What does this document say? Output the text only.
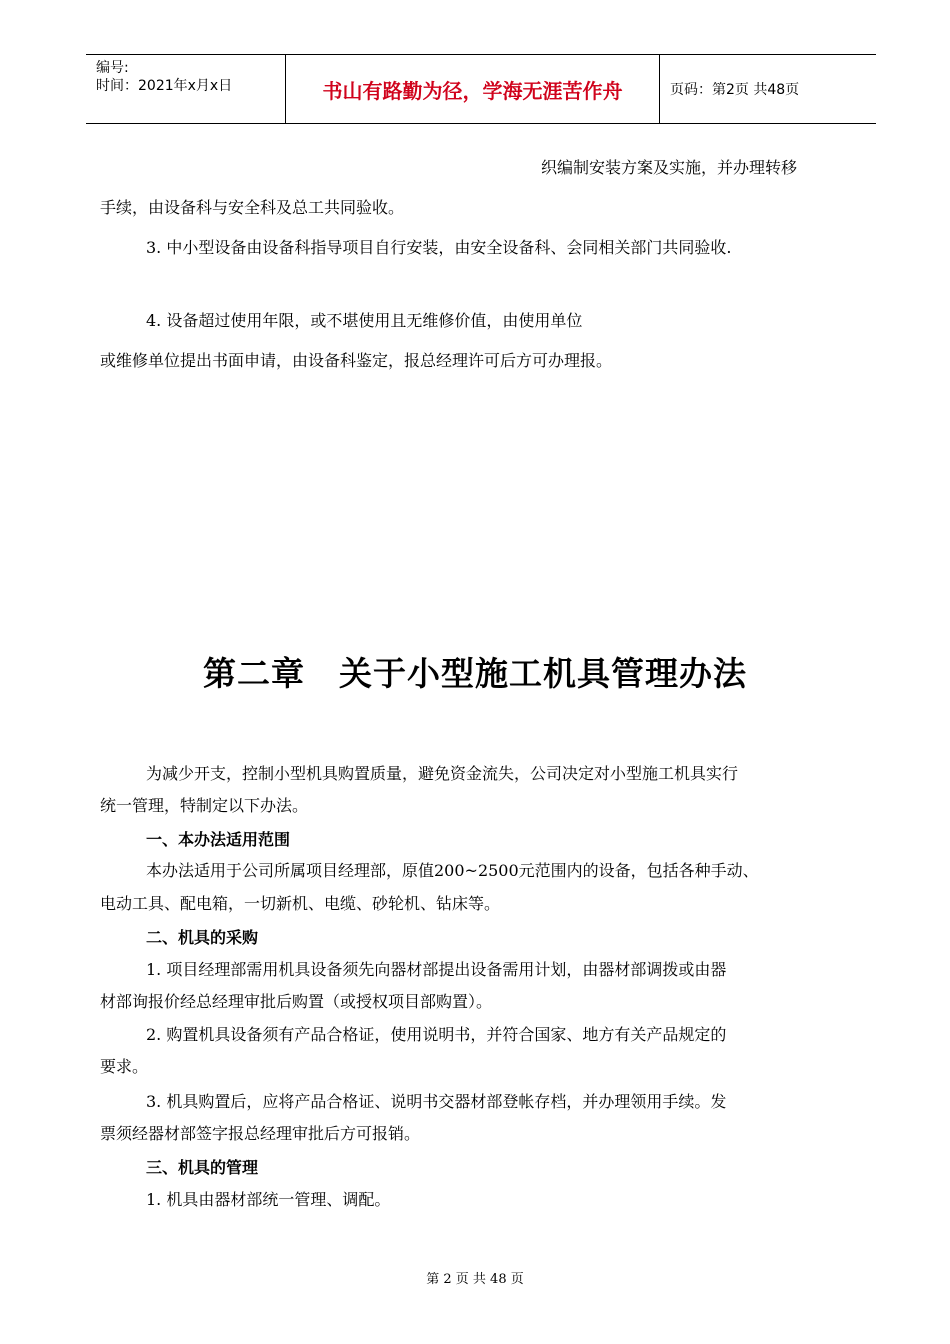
编号:
时间：2021年x月x日	书山有路勤为径，学海无涯苦作舟	页码：第2页 共48页
织编制安装方案及实施，并办理转移
手续，由设备科与安全科及总工共同验收。
3. 中小型设备由设备科指导项目自行安装，由安全设备科、会同相关部门共同验收.
4. 设备超过使用年限，或不堪使用且无维修价值，由使用单位
或维修单位提出书面申请，由设备科鉴定，报总经理许可后方可办理报。
第二章　关于小型施工机具管理办法
为减少开支，控制小型机具购置质量，避免资金流失，公司决定对小型施工机具实行
统一管理，特制定以下办法。
一、本办法适用范围
本办法适用于公司所属项目经理部，原值200~2500元范围内的设备，包括各种手动、
电动工具、配电箱，一切新机、电缆、砂轮机、钻床等。
二、机具的采购
1. 项目经理部需用机具设备须先向器材部提出设备需用计划，由器材部调拨或由器
材部询报价经总经理审批后购置（或授权项目部购置）。
2. 购置机具设备须有产品合格证，使用说明书，并符合国家、地方有关产品规定的
要求。
3. 机具购置后，应将产品合格证、说明书交器材部登帐存档，并办理领用手续。发
票须经器材部签字报总经理审批后方可报销。
三、机具的管理
1. 机具由器材部统一管理、调配。
第 2 页 共 48 页
